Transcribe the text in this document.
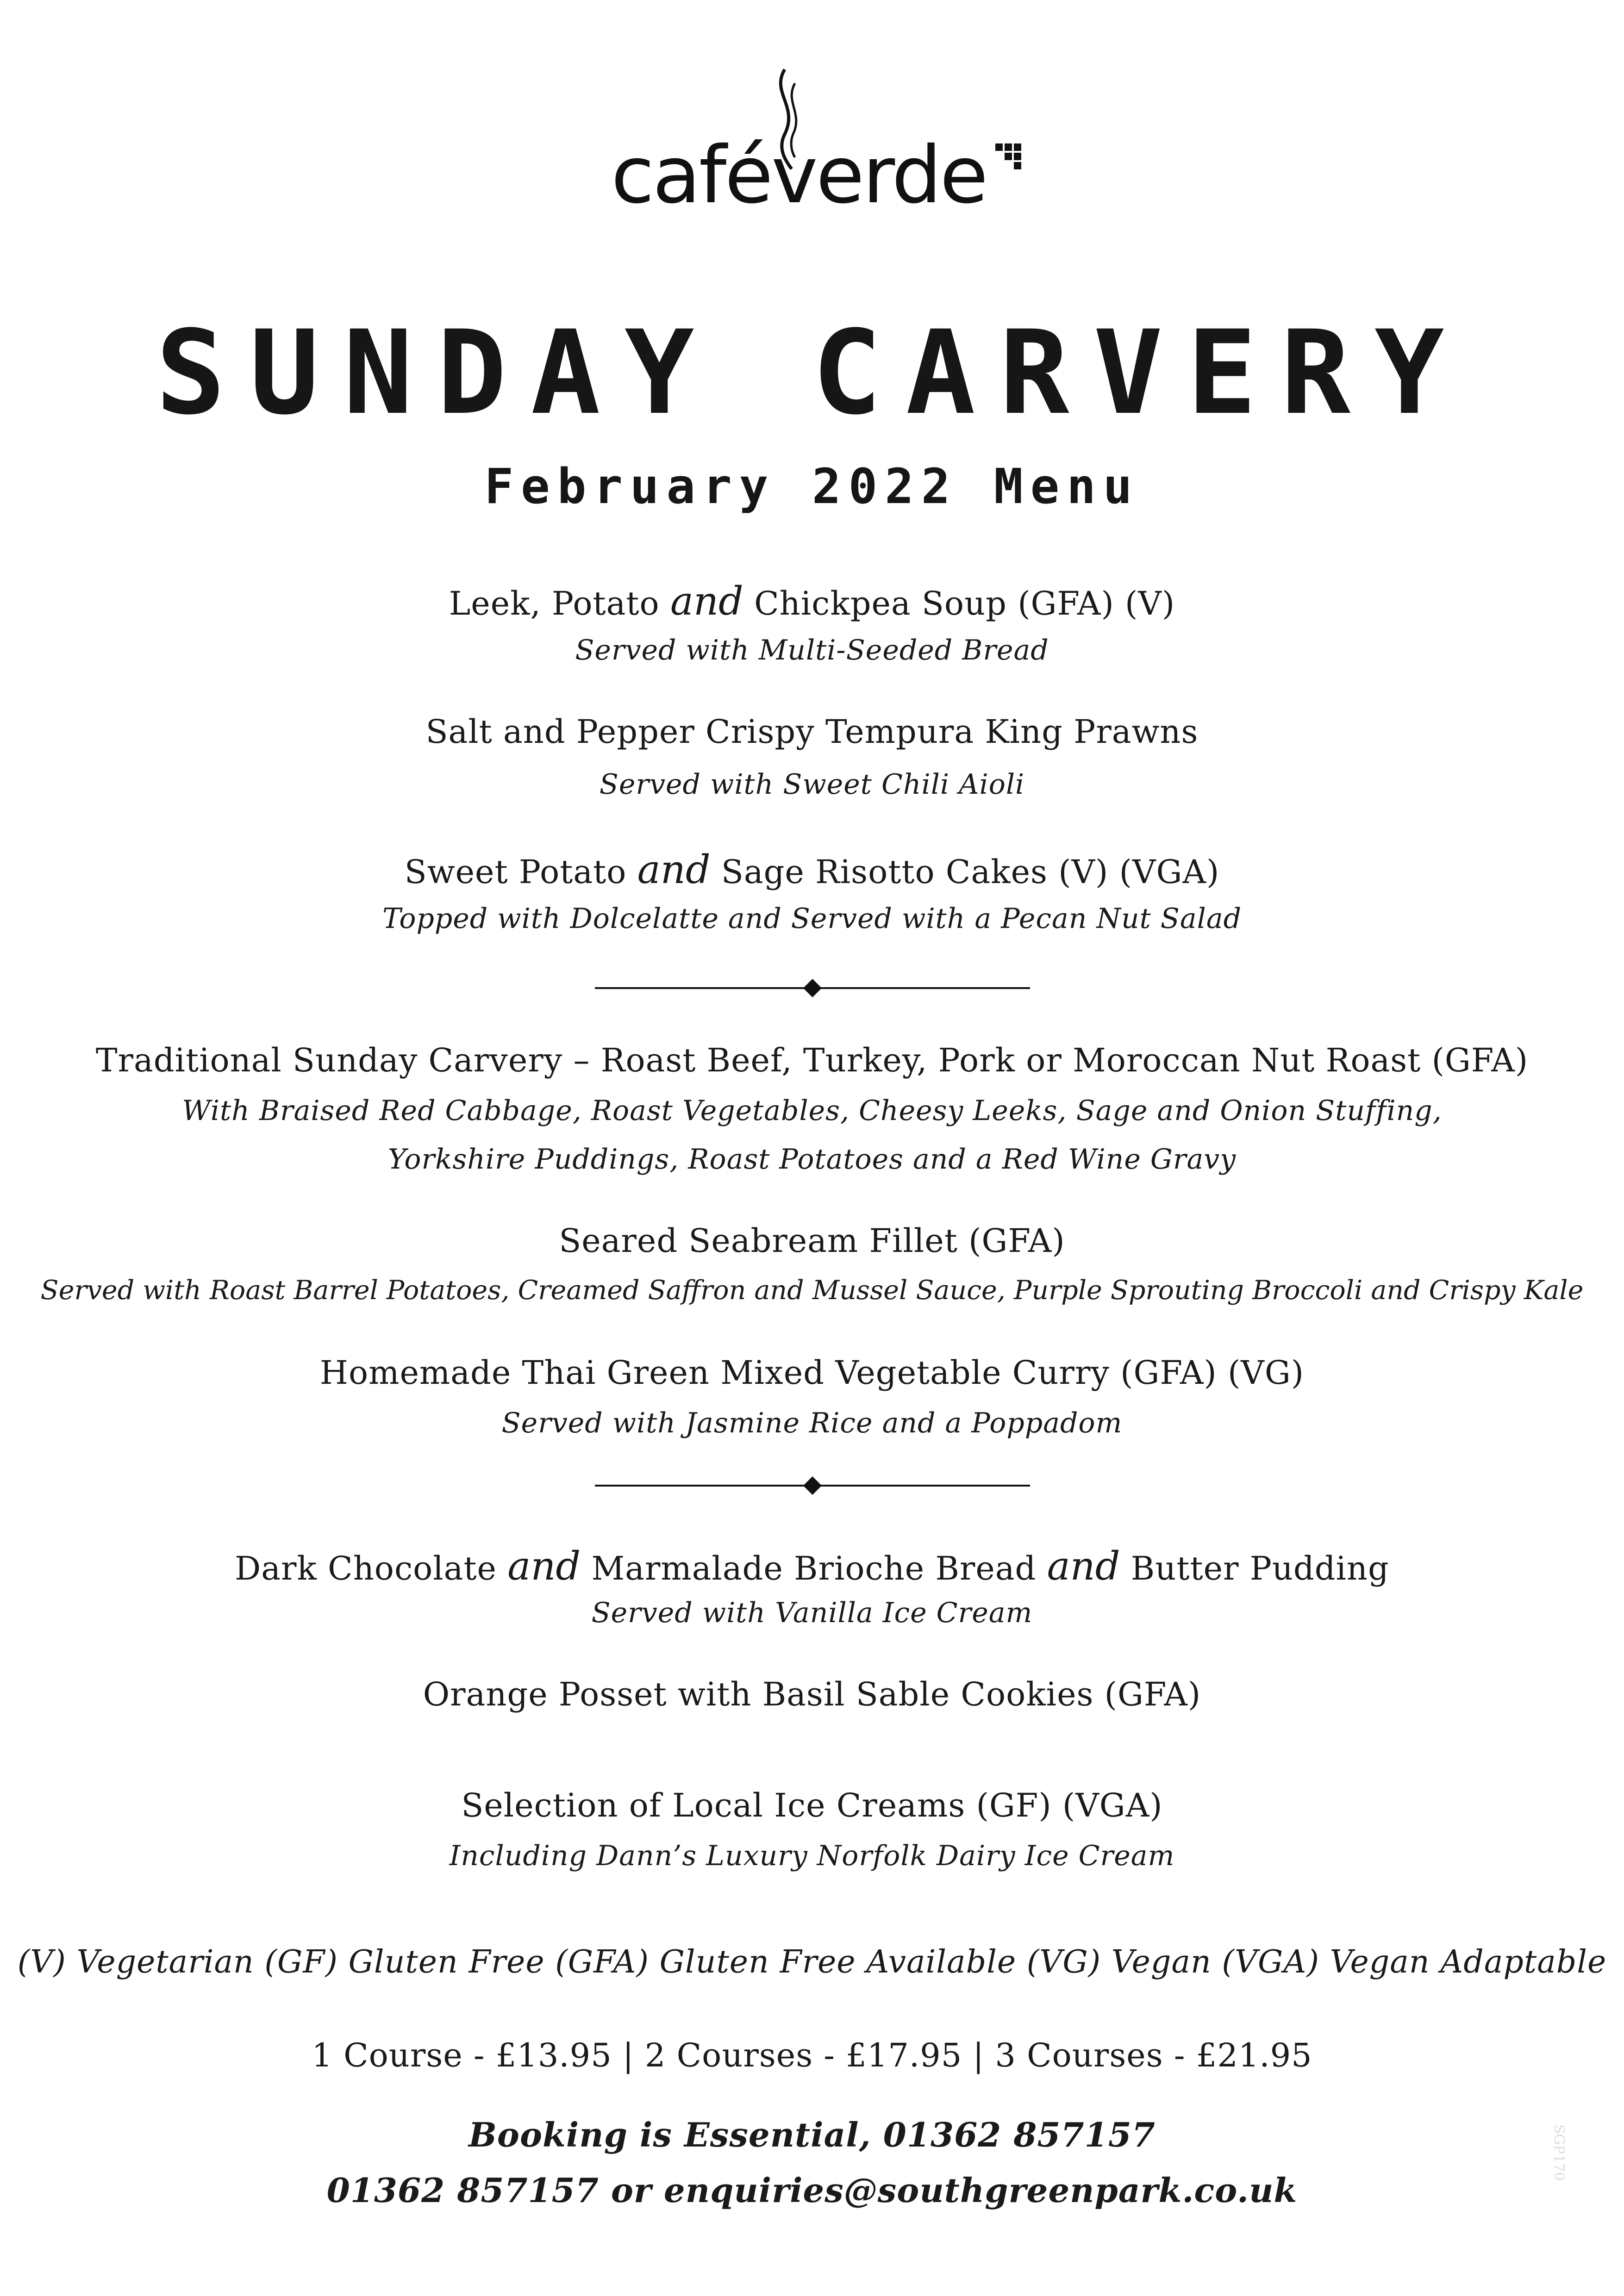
caféverde
SUNDAY CARVERY
February 2022 Menu
Leek, Potato and Chickpea Soup (GFA) (V)
Served with Multi-Seeded Bread
Salt and Pepper Crispy Tempura King Prawns
Served with Sweet Chili Aioli
Sweet Potato and Sage Risotto Cakes (V) (VGA)
Topped with Dolcelatte and Served with a Pecan Nut Salad
Traditional Sunday Carvery – Roast Beef, Turkey, Pork or Moroccan Nut Roast (GFA)
With Braised Red Cabbage, Roast Vegetables, Cheesy Leeks, Sage and Onion Stuffing,
Yorkshire Puddings, Roast Potatoes and a Red Wine Gravy
Seared Seabream Fillet (GFA)
Served with Roast Barrel Potatoes, Creamed Saffron and Mussel Sauce, Purple Sprouting Broccoli and Crispy Kale
Homemade Thai Green Mixed Vegetable Curry (GFA) (VG)
Served with Jasmine Rice and a Poppadom
Dark Chocolate and Marmalade Brioche Bread and Butter Pudding
Served with Vanilla Ice Cream
Orange Posset with Basil Sable Cookies (GFA)
Selection of Local Ice Creams (GF) (VGA)
Including Dann’s Luxury Norfolk Dairy Ice Cream
(V) Vegetarian (GF) Gluten Free (GFA) Gluten Free Available (VG) Vegan (VGA) Vegan Adaptable
1 Course - £13.95 | 2 Courses - £17.95 | 3 Courses - £21.95
Booking is Essential, 01362 857157
01362 857157 or enquiries@southgreenpark.co.uk
SGP170
